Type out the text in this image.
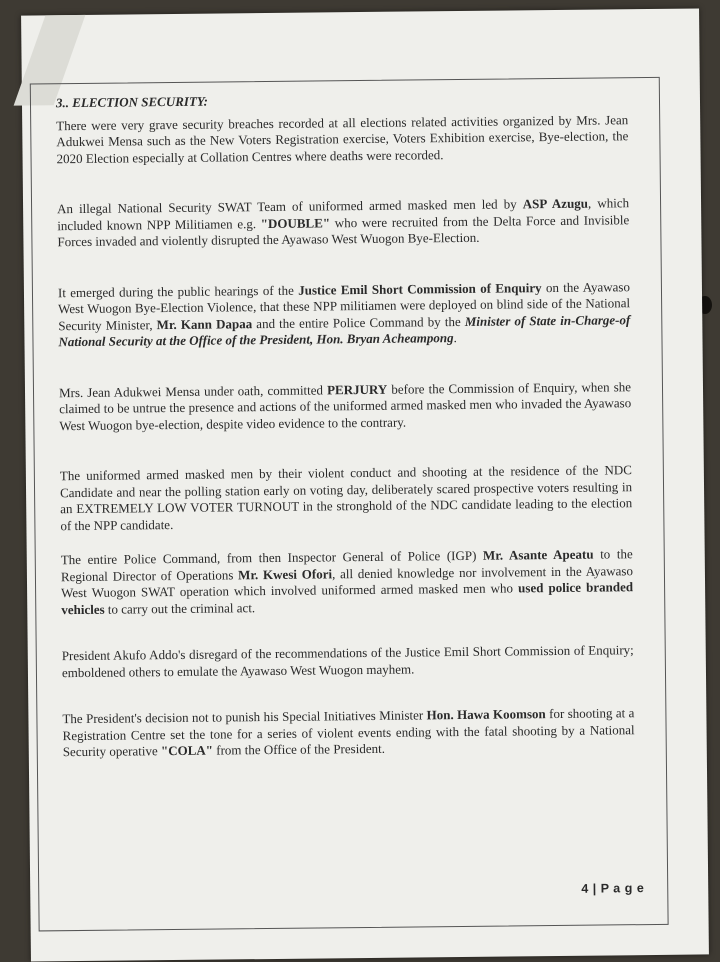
3.. ELECTION SECURITY:

There were very grave security breaches recorded at all elections related activities organized by Mrs. Jean Adukwei Mensa such as the New Voters Registration exercise, Voters Exhibition exercise, Bye-election, the 2020 Election especially at Collation Centres where deaths were recorded.

An illegal National Security SWAT Team of uniformed armed masked men led by ASP Azugu, which included known NPP Militiamen e.g. "DOUBLE" who were recruited from the Delta Force and Invisible Forces invaded and violently disrupted the Ayawaso West Wuogon Bye-Election.

It emerged during the public hearings of the Justice Emil Short Commission of Enquiry on the Ayawaso West Wuogon Bye-Election Violence, that these NPP militiamen were deployed on blind side of the National Security Minister, Mr. Kann Dapaa and the entire Police Command by the Minister of State in-Charge-of National Security at the Office of the President, Hon. Bryan Acheampong.

Mrs. Jean Adukwei Mensa under oath, committed PERJURY before the Commission of Enquiry, when she claimed to be untrue the presence and actions of the uniformed armed masked men who invaded the Ayawaso West Wuogon bye-election, despite video evidence to the contrary.

The uniformed armed masked men by their violent conduct and shooting at the residence of the NDC Candidate and near the polling station early on voting day, deliberately scared prospective voters resulting in an EXTREMELY LOW VOTER TURNOUT in the stronghold of the NDC candidate leading to the election of the NPP candidate.

The entire Police Command, from then Inspector General of Police (IGP) Mr. Asante Apeatu to the Regional Director of Operations Mr. Kwesi Ofori, all denied knowledge nor involvement in the Ayawaso West Wuogon SWAT operation which involved uniformed armed masked men who used police branded vehicles to carry out the criminal act.

President Akufo Addo's disregard of the recommendations of the Justice Emil Short Commission of Enquiry; emboldened others to emulate the Ayawaso West Wuogon mayhem.

The President's decision not to punish his Special Initiatives Minister Hon. Hawa Koomson for shooting at a Registration Centre set the tone for a series of violent events ending with the fatal shooting by a National Security operative "COLA" from the Office of the President.

4 | P a g e
